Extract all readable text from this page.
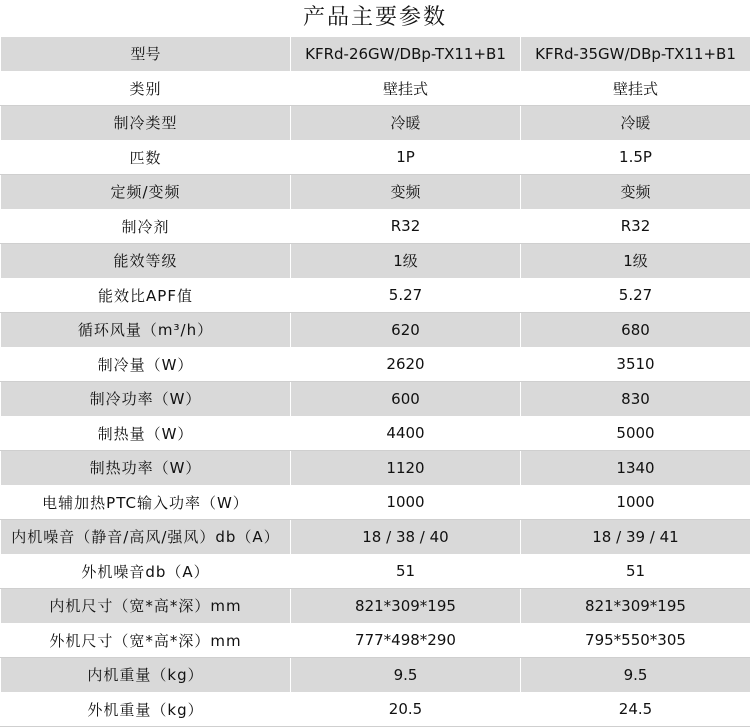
产品主要参数
型号	KFRd-26GW/DBp-TX11+B1	KFRd-35GW/DBp-TX11+B1
类别	壁挂式	壁挂式
制冷类型	冷暖	冷暖
匹数	1P	1.5P
定频/变频	变频	变频
制冷剂	R32	R32
能效等级	1级	1级
能效比APF值	5.27	5.27
循环风量（m³/h）	620	680
制冷量（W）	2620	3510
制冷功率（W）	600	830
制热量（W）	4400	5000
制热功率（W）	1120	1340
电辅加热PTC输入功率（W）	1000	1000
内机噪音（静音/高风/强风）db（A）	18 / 38 / 40	18 / 39 / 41
外机噪音db（A）	51	51
内机尺寸（宽*高*深）mm	821*309*195	821*309*195
外机尺寸（宽*高*深）mm	777*498*290	795*550*305
内机重量（kg）	9.5	9.5
外机重量（kg）	20.5	24.5
